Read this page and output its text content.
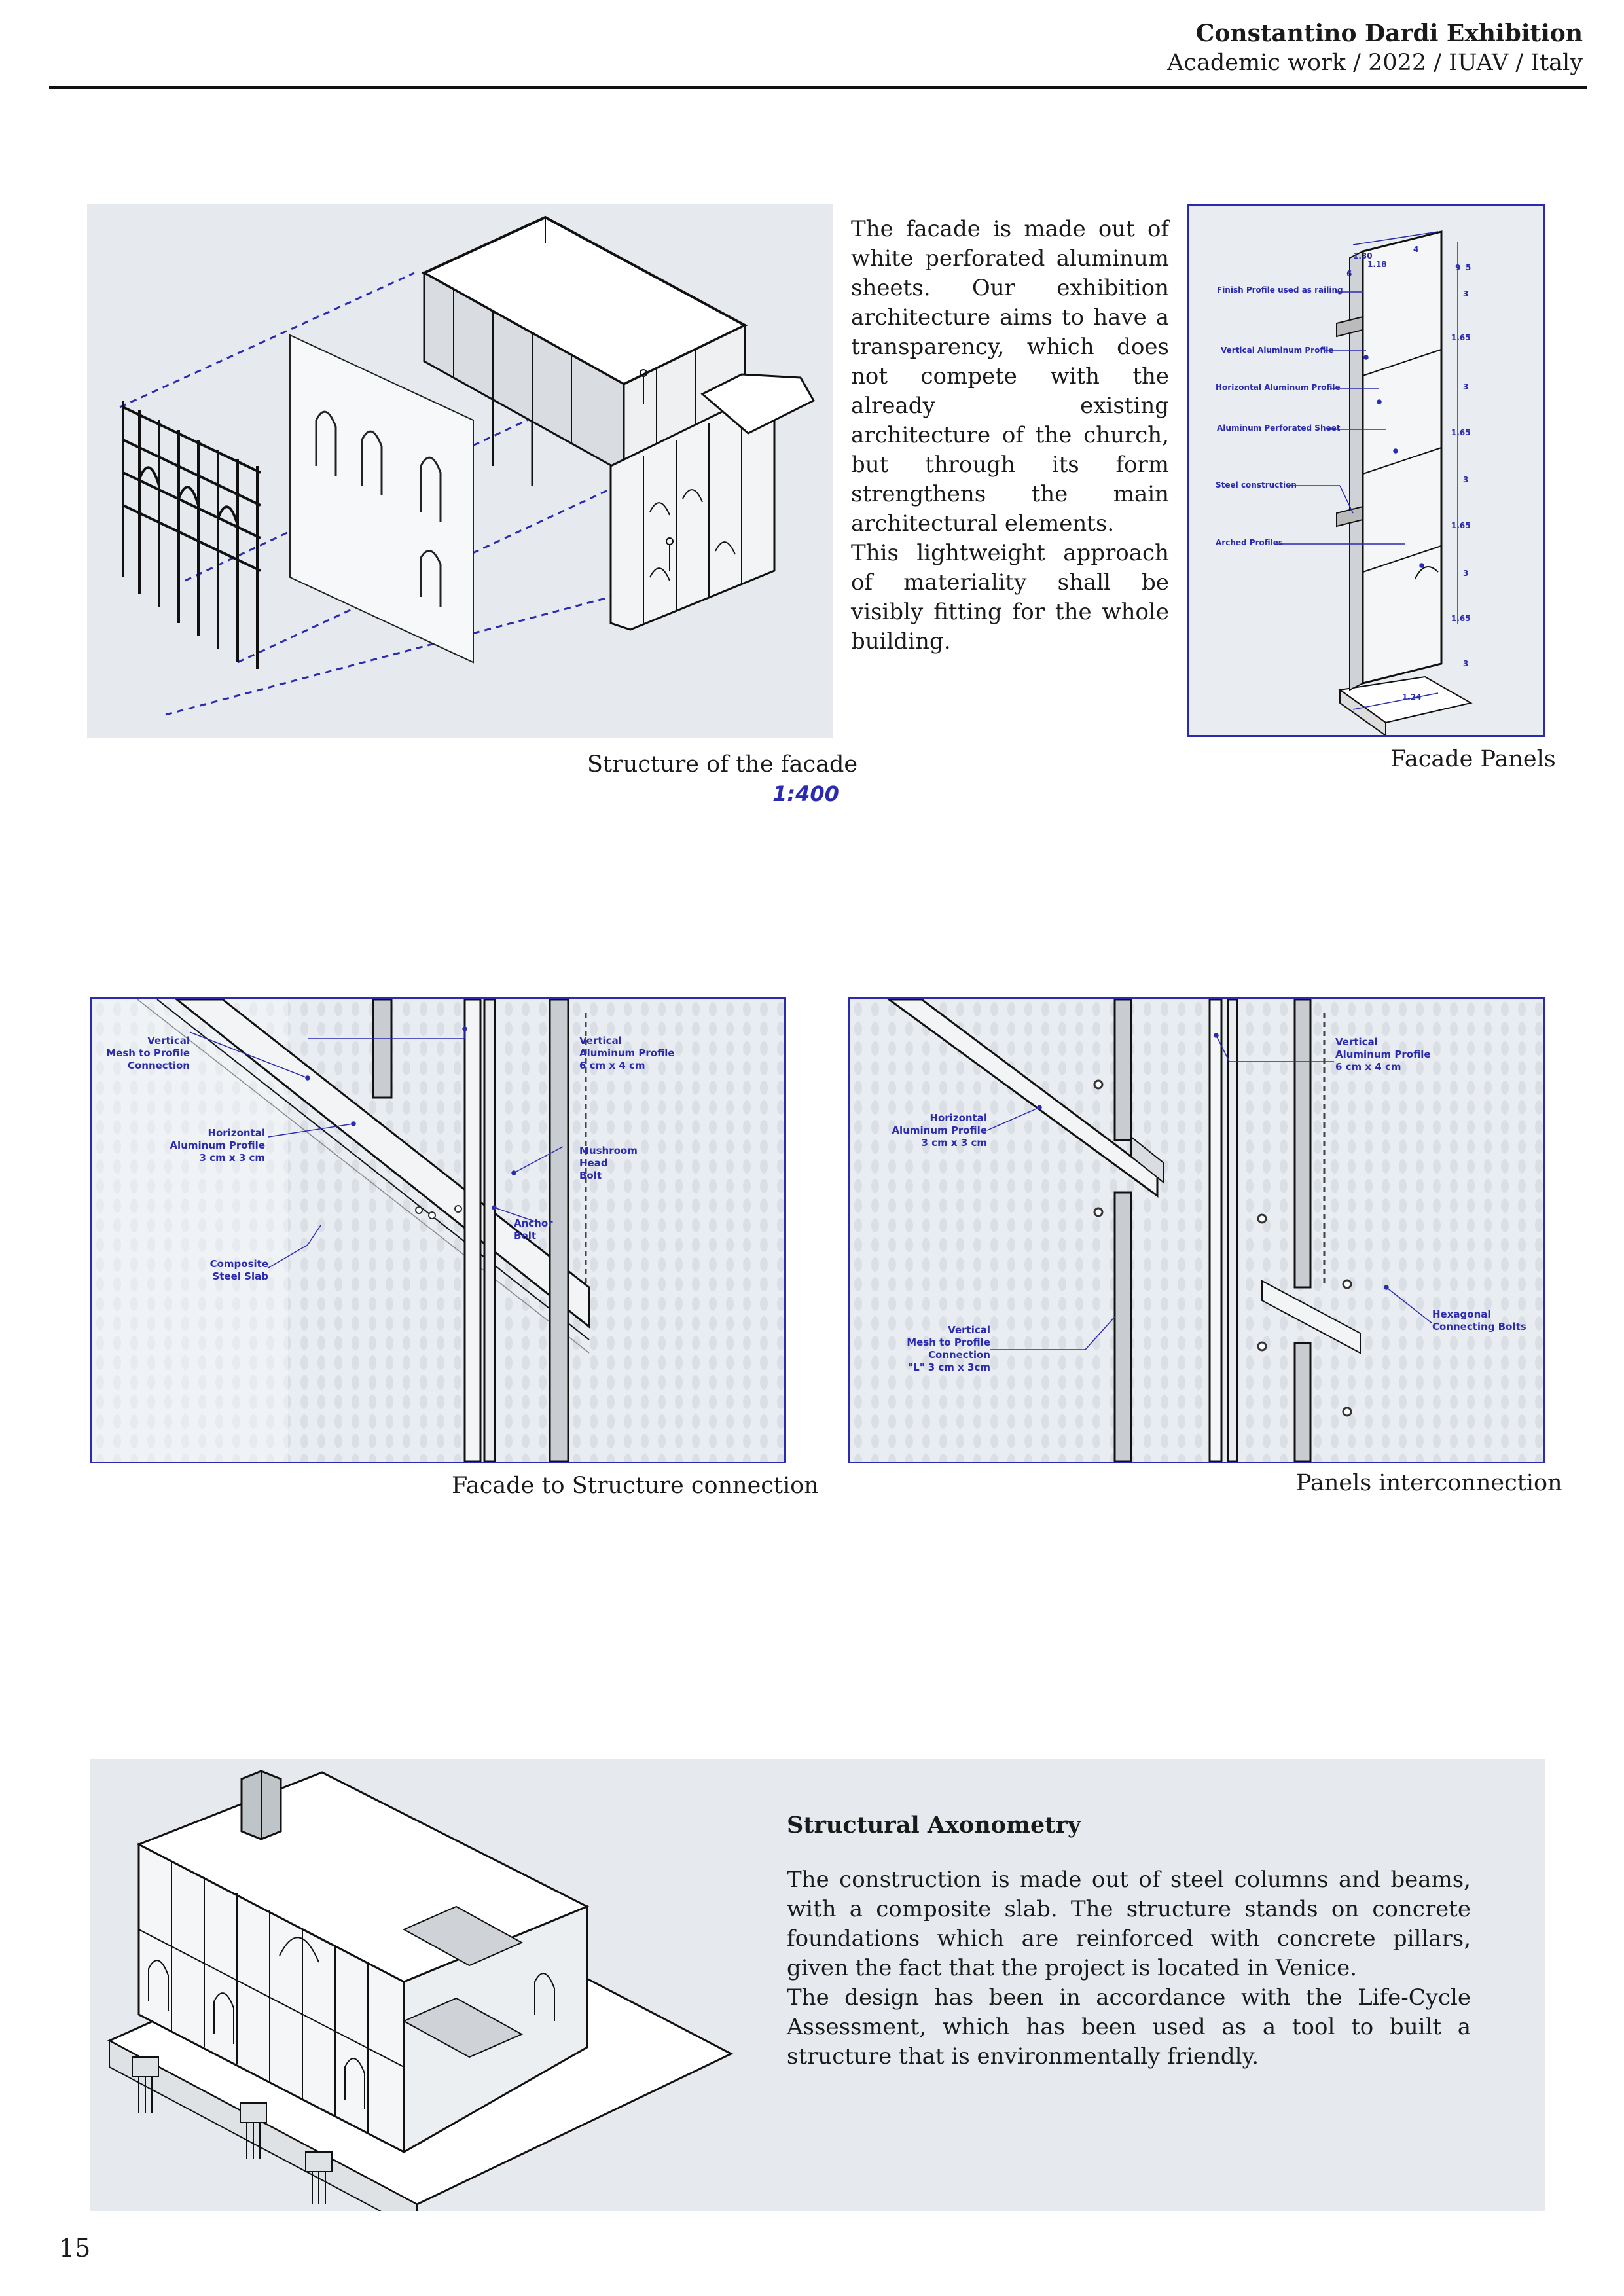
Constantino Dardi Exhibition
Academic work / 2022 / IUAV / Italy
Structure of the facade
1:400
The facade is made out of white perforated aluminum sheets. Our exhibition architecture aims to have a transparency, which does not compete with the already existing architecture of the church, but through its form strengthens the main architectural elements.
This lightweight approach of materiality shall be visibly fitting for the whole building.
Finish Profile used as railing
Vertical Aluminum Profile
Horizontal Aluminum Profile
Aluminum Perforated Sheet
Steel construction
Arched Profiles
1.30
1.18
6
4
9 5
1.65
1.65
1.65
1.65
1.24
3
3
3
3
3
Facade Panels
Vertical
Mesh to Profile
Connection
Vertical
Aluminum Profile
6 cm x 4 cm
Horizontal
Aluminum Profile
3 cm x 3 cm
Mushroom
Head
Bolt
Anchor
Bolt
Composite
Steel Slab
Facade to Structure connection
Vertical
Aluminum Profile
6 cm x 4 cm
Horizontal
Aluminum Profile
3 cm x 3 cm
Hexagonal
Connecting Bolts
Vertical
Mesh to Profile
Connection
"L" 3 cm x 3cm
Panels interconnection
Structural Axonometry
The construction is made out of steel columns and beams, with a composite slab. The structure stands on concrete foundations which are reinforced with concrete pillars, given the fact that the project is located in Venice.
The design has been in accordance with the Life-Cycle Assessment, which has been used as a tool to built a structure that is environmentally friendly.
15
